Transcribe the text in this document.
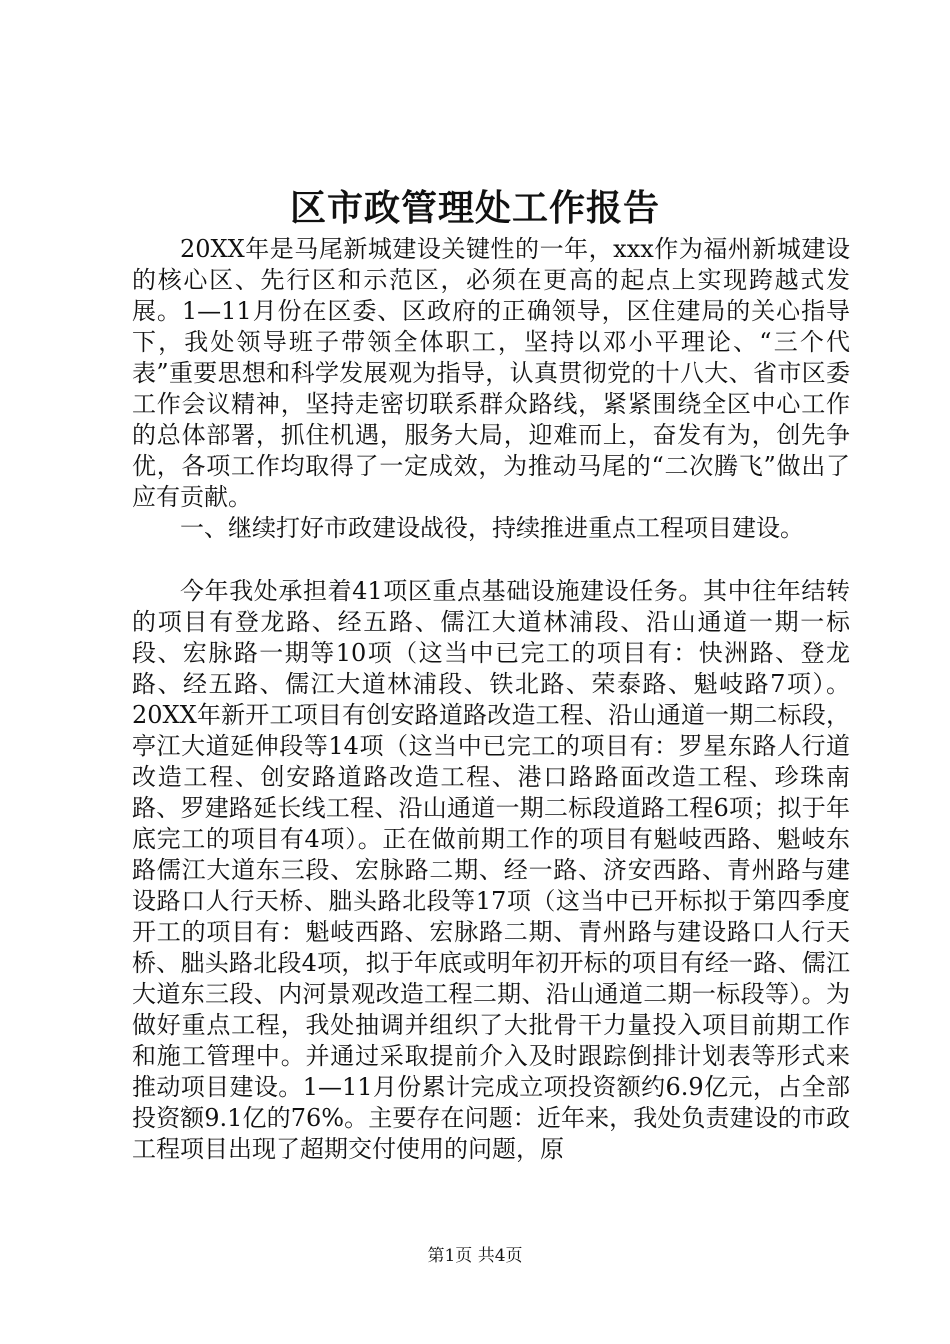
区市政管理处工作报告

20XX年是马尾新城建设关键性的一年，xxx作为福州新城建设的核心区、先行区和示范区，必须在更高的起点上实现跨越式发展。1—11月份在区委、区政府的正确领导，区住建局的关心指导下，我处领导班子带领全体职工，坚持以邓小平理论、“三个代表”重要思想和科学发展观为指导，认真贯彻党的十八大、省市区委工作会议精神，坚持走密切联系群众路线，紧紧围绕全区中心工作的总体部署，抓住机遇，服务大局，迎难而上，奋发有为，创先争优，各项工作均取得了一定成效，为推动马尾的“二次腾飞”做出了应有贡献。

一、继续打好市政建设战役，持续推进重点工程项目建设。

今年我处承担着41项区重点基础设施建设任务。其中往年结转的项目有登龙路、经五路、儒江大道林浦段、沿山通道一期一标段、宏脉路一期等10项（这当中已完工的项目有：快洲路、登龙路、经五路、儒江大道林浦段、铁北路、荣泰路、魁岐路7项）。20XX年新开工项目有创安路道路改造工程、沿山通道一期二标段，亭江大道延伸段等14项（这当中已完工的项目有：罗星东路人行道改造工程、创安路道路改造工程、港口路路面改造工程、珍珠南路、罗建路延长线工程、沿山通道一期二标段道路工程6项；拟于年底完工的项目有4项）。正在做前期工作的项目有魁岐西路、魁岐东路儒江大道东三段、宏脉路二期、经一路、济安西路、青州路与建设路口人行天桥、胐头路北段等17项（这当中已开标拟于第四季度开工的项目有：魁岐西路、宏脉路二期、青州路与建设路口人行天桥、胐头路北段4项，拟于年底或明年初开标的项目有经一路、儒江大道东三段、内河景观改造工程二期、沿山通道二期一标段等）。为做好重点工程，我处抽调并组织了大批骨干力量投入项目前期工作和施工管理中。并通过采取提前介入及时跟踪倒排计划表等形式来推动项目建设。1—11月份累计完成立项投资额约6.9亿元，占全部投资额9.1亿的76%。主要存在问题：近年来，我处负责建设的市政工程项目出现了超期交付使用的问题，原

第1页 共4页
